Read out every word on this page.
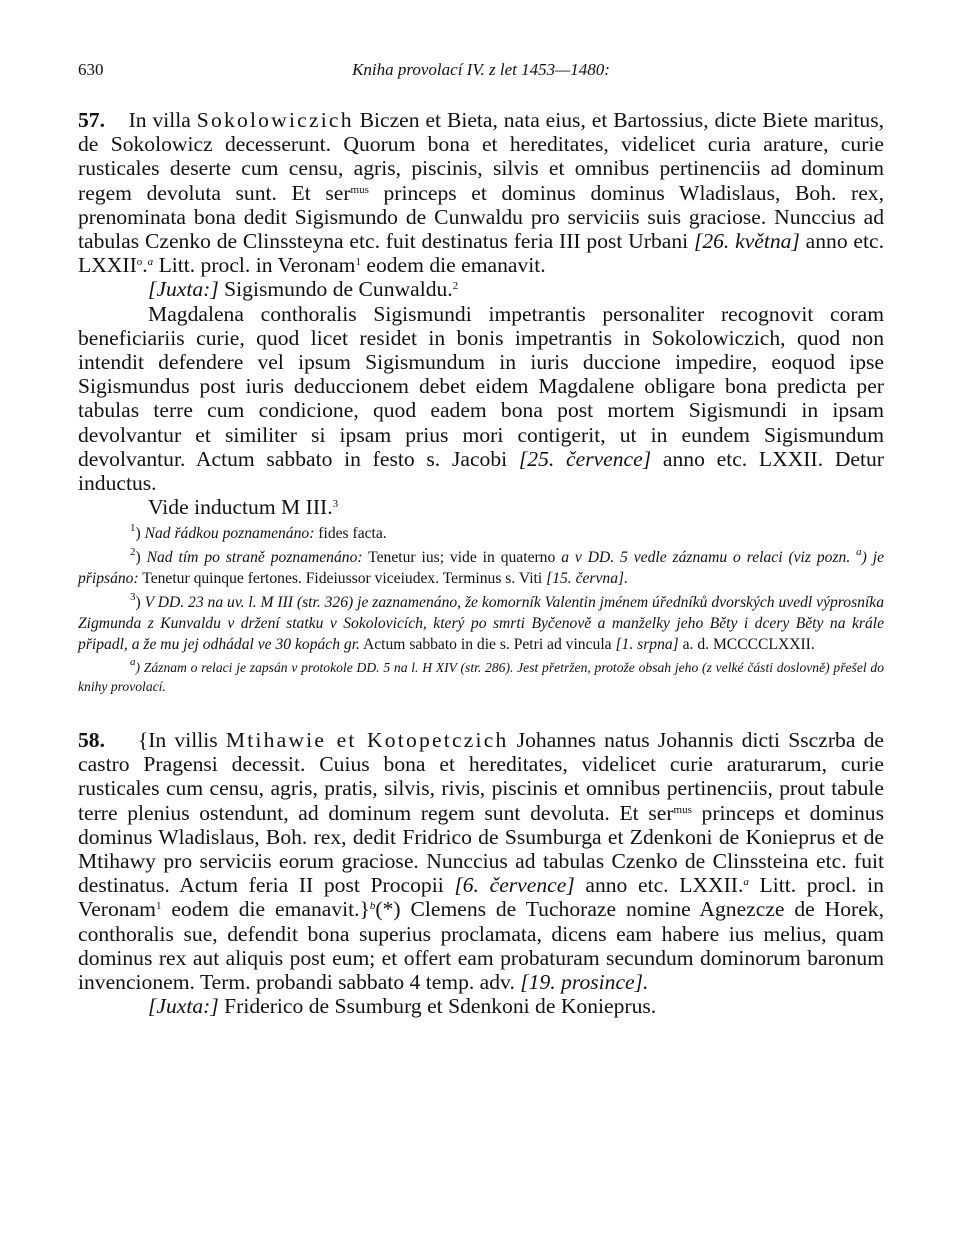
630	Kniha provolací IV. z let 1453—1480:

57. In villa Sokolowiczich Biczen et Bieta, nata eius, et Bartossius, dicte Biete maritus, de Sokolowicz decesserunt. Quorum bona et hereditates, videlicet curia arature, curie rusticales deserte cum censu, agris, piscinis, silvis et omnibus pertinenciis ad dominum regem devoluta sunt. Et ser$^{mus}$ princeps et dominus dominus Wladislaus, Boh. rex, prenominata bona dedit Sigismundo de Cunwaldu pro serviciis suis graciose. Nunccius ad tabulas Czenko de Clinssteyna etc. fuit destinatus feria III post Urbani [26. května] anno etc. LXXII$^o$.$^a$ Litt. procl. in Veronam$^1$ eodem die emanavit.

[Juxta:] Sigismundo de Cunwaldu.$^2$

Magdalena conthoralis Sigismundi impetrantis personaliter recognovit coram beneficiariis curie, quod licet residet in bonis impetrantis in Sokolowiczich, quod non intendit defendere vel ipsum Sigismundum in iuris duccione impedire, eoquod ipse Sigismundus post iuris deduccionem debet eidem Magdalene obligare bona predicta per tabulas terre cum condicione, quod eadem bona post mortem Sigismundi in ipsam devolvantur et similiter si ipsam prius mori contigerit, ut in eundem Sigismundum devolvantur. Actum sabbato in festo s. Jacobi [25. července] anno etc. LXXII. Detur inductus.

Vide inductum M III.$^3$

$^1$) Nad řádkou poznamenáno: fides facta.

$^2$) Nad tím po straně poznamenáno: Tenetur ius; vide in quaterno a v DD. 5 vedle záznamu o relaci (viz pozn. $^a$) je připsáno: Tenetur quinque fertones. Fideiussor viceiudex. Terminus s. Viti [15. června].

$^3$) V DD. 23 na uv. l. M III (str. 326) je zaznamenáno, že komorník Valentin jménem úředníků dvorských uvedl výprosníka Zigmunda z Kunvaldu v držení statku v Sokolovicích, který po smrti Byčenově a manželky jeho Běty i dcery Běty na krále připadl, a že mu jej odhádal ve 30 kopách gr. Actum sabbato in die s. Petri ad vincula [1. srpna] a. d. MCCCCLXXII.

$^a$) Záznam o relaci je zapsán v protokole DD. 5 na l. H XIV (str. 286). Jest přetržen, protože obsah jeho (z velké části doslovně) přešel do knihy provolací.

58. {In villis Mtihawie et Kotopetczich Johannes natus Johannis dicti Ssczrba de castro Pragensi decessit. Cuius bona et hereditates, videlicet curie araturarum, curie rusticales cum censu, agris, pratis, silvis, rivis, piscinis et omnibus pertinenciis, prout tabule terre plenius ostendunt, ad dominum regem sunt devoluta. Et ser$^{mus}$ princeps et dominus dominus Wladislaus, Boh. rex, dedit Fridrico de Ssumburga et Zdenkoni de Konieprus et de Mtihawy pro serviciis eorum graciose. Nunccius ad tabulas Czenko de Clinssteina etc. fuit destinatus. Actum feria II post Procopii [6. července] anno etc. LXXII.$^a$ Litt. procl. in Veronam$^1$ eodem die emanavit.}$^b$(*) Clemens de Tuchoraze nomine Agnezcze de Horek, conthoralis sue, defendit bona superius proclamata, dicens eam habere ius melius, quam dominus rex aut aliquis post eum; et offert eam probaturam secundum dominorum baronum invencionem. Term. probandi sabbato 4 temp. adv. [19. prosince].

[Juxta:] Friderico de Ssumburg et Sdenkoni de Konieprus.
